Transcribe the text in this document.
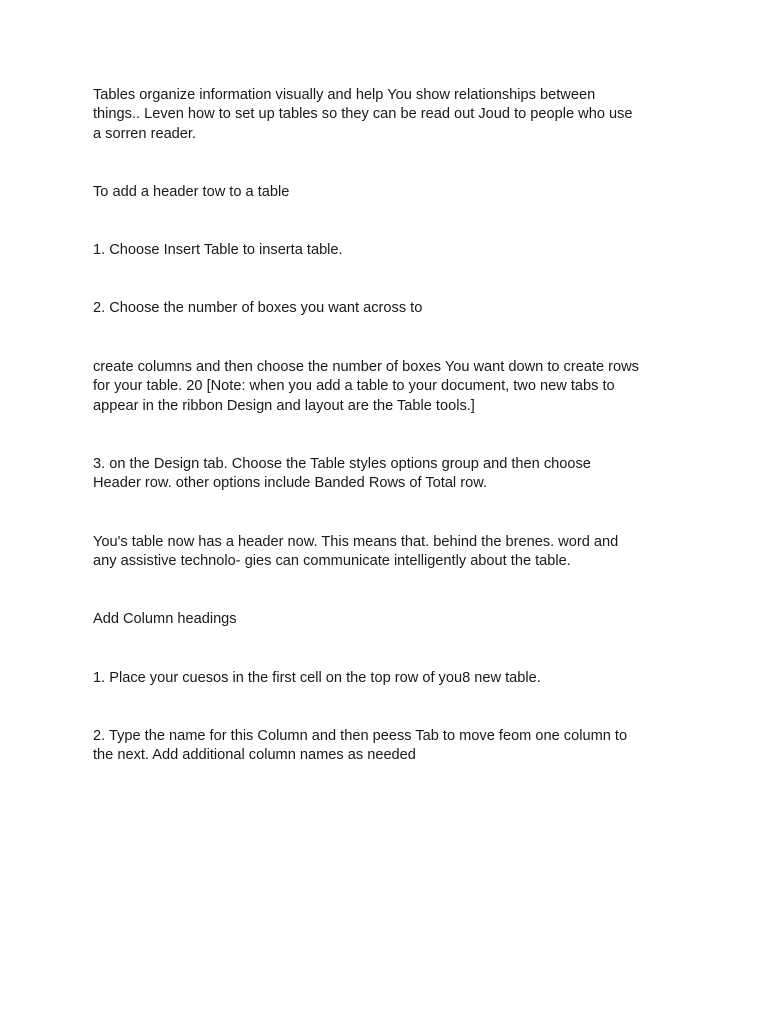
Tables organize information visually and help You show relationships between
things.. Leven how to set up tables so they can be read out Joud to people who use
a sorren reader.

To add a header tow to a table

1. Choose Insert Table to inserta table.

2. Choose the number of boxes you want across to

create columns and then choose the number of boxes You want down to create rows
for your table. 20 [Note: when you add a table to your document, two new tabs to
appear in the ribbon Design and layout are the Table tools.]

3. on the Design tab. Choose the Table styles options group and then choose
Header row. other options include Banded Rows of Total row.

You's table now has a header now. This means that. behind the brenes. word and
any assistive technolo- gies can communicate intelligently about the table.

Add Column headings

1. Place your cuesos in the first cell on the top row of you8 new table.

2. Type the name for this Column and then peess Tab to move feom one column to
the next. Add additional column names as needed
